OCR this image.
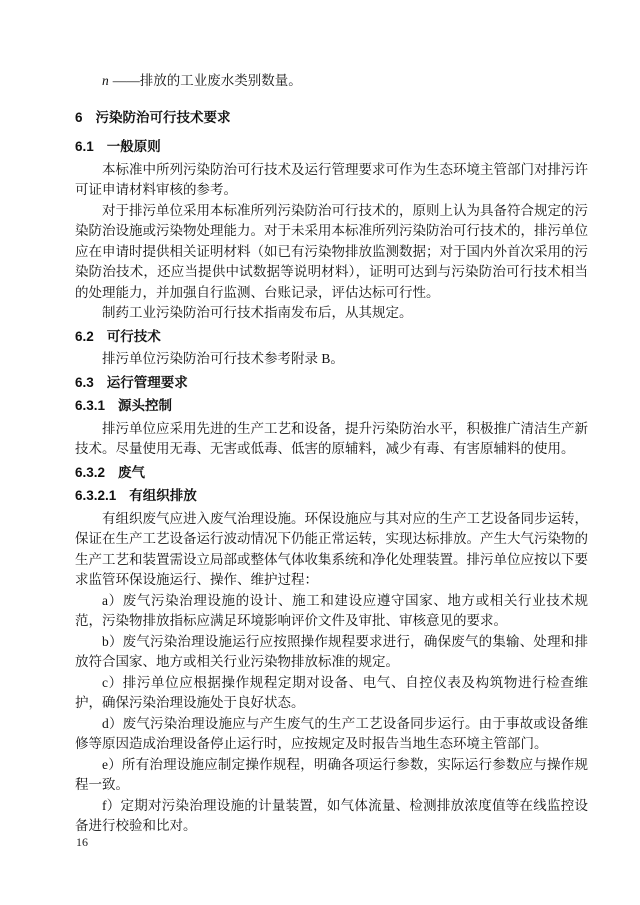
n ——排放的工业废水类别数量。

6 污染防治可行技术要求
6.1 一般原则

本标准中所列污染防治可行技术及运行管理要求可作为生态环境主管部门对排污许可证申请材料审核的参考。

对于排污单位采用本标准所列污染防治可行技术的，原则上认为具备符合规定的污染防治设施或污染物处理能力。对于未采用本标准所列污染防治可行技术的，排污单位应在申请时提供相关证明材料（如已有污染物排放监测数据；对于国内外首次采用的污染防治技术，还应当提供中试数据等说明材料），证明可达到与污染防治可行技术相当的处理能力，并加强自行监测、台账记录，评估达标可行性。

制药工业污染防治可行技术指南发布后，从其规定。

6.2 可行技术

排污单位污染防治可行技术参考附录 B。

6.3 运行管理要求
6.3.1 源头控制

排污单位应采用先进的生产工艺和设备，提升污染防治水平，积极推广清洁生产新技术。尽量使用无毒、无害或低毒、低害的原辅料，减少有毒、有害原辅料的使用。

6.3.2 废气
6.3.2.1 有组织排放

有组织废气应进入废气治理设施。环保设施应与其对应的生产工艺设备同步运转，保证在生产工艺设备运行波动情况下仍能正常运转，实现达标排放。产生大气污染物的生产工艺和装置需设立局部或整体气体收集系统和净化处理装置。排污单位应按以下要求监管环保设施运行、操作、维护过程：

a）废气污染治理设施的设计、施工和建设应遵守国家、地方或相关行业技术规范，污染物排放指标应满足环境影响评价文件及审批、审核意见的要求。

b）废气污染治理设施运行应按照操作规程要求进行，确保废气的集输、处理和排放符合国家、地方或相关行业污染物排放标准的规定。

c）排污单位应根据操作规程定期对设备、电气、自控仪表及构筑物进行检查维护，确保污染治理设施处于良好状态。

d）废气污染治理设施应与产生废气的生产工艺设备同步运行。由于事故或设备维修等原因造成治理设备停止运行时，应按规定及时报告当地生态环境主管部门。

e）所有治理设施应制定操作规程，明确各项运行参数，实际运行参数应与操作规程一致。

f）定期对污染治理设施的计量装置，如气体流量、检测排放浓度值等在线监控设备进行校验和比对。

16
